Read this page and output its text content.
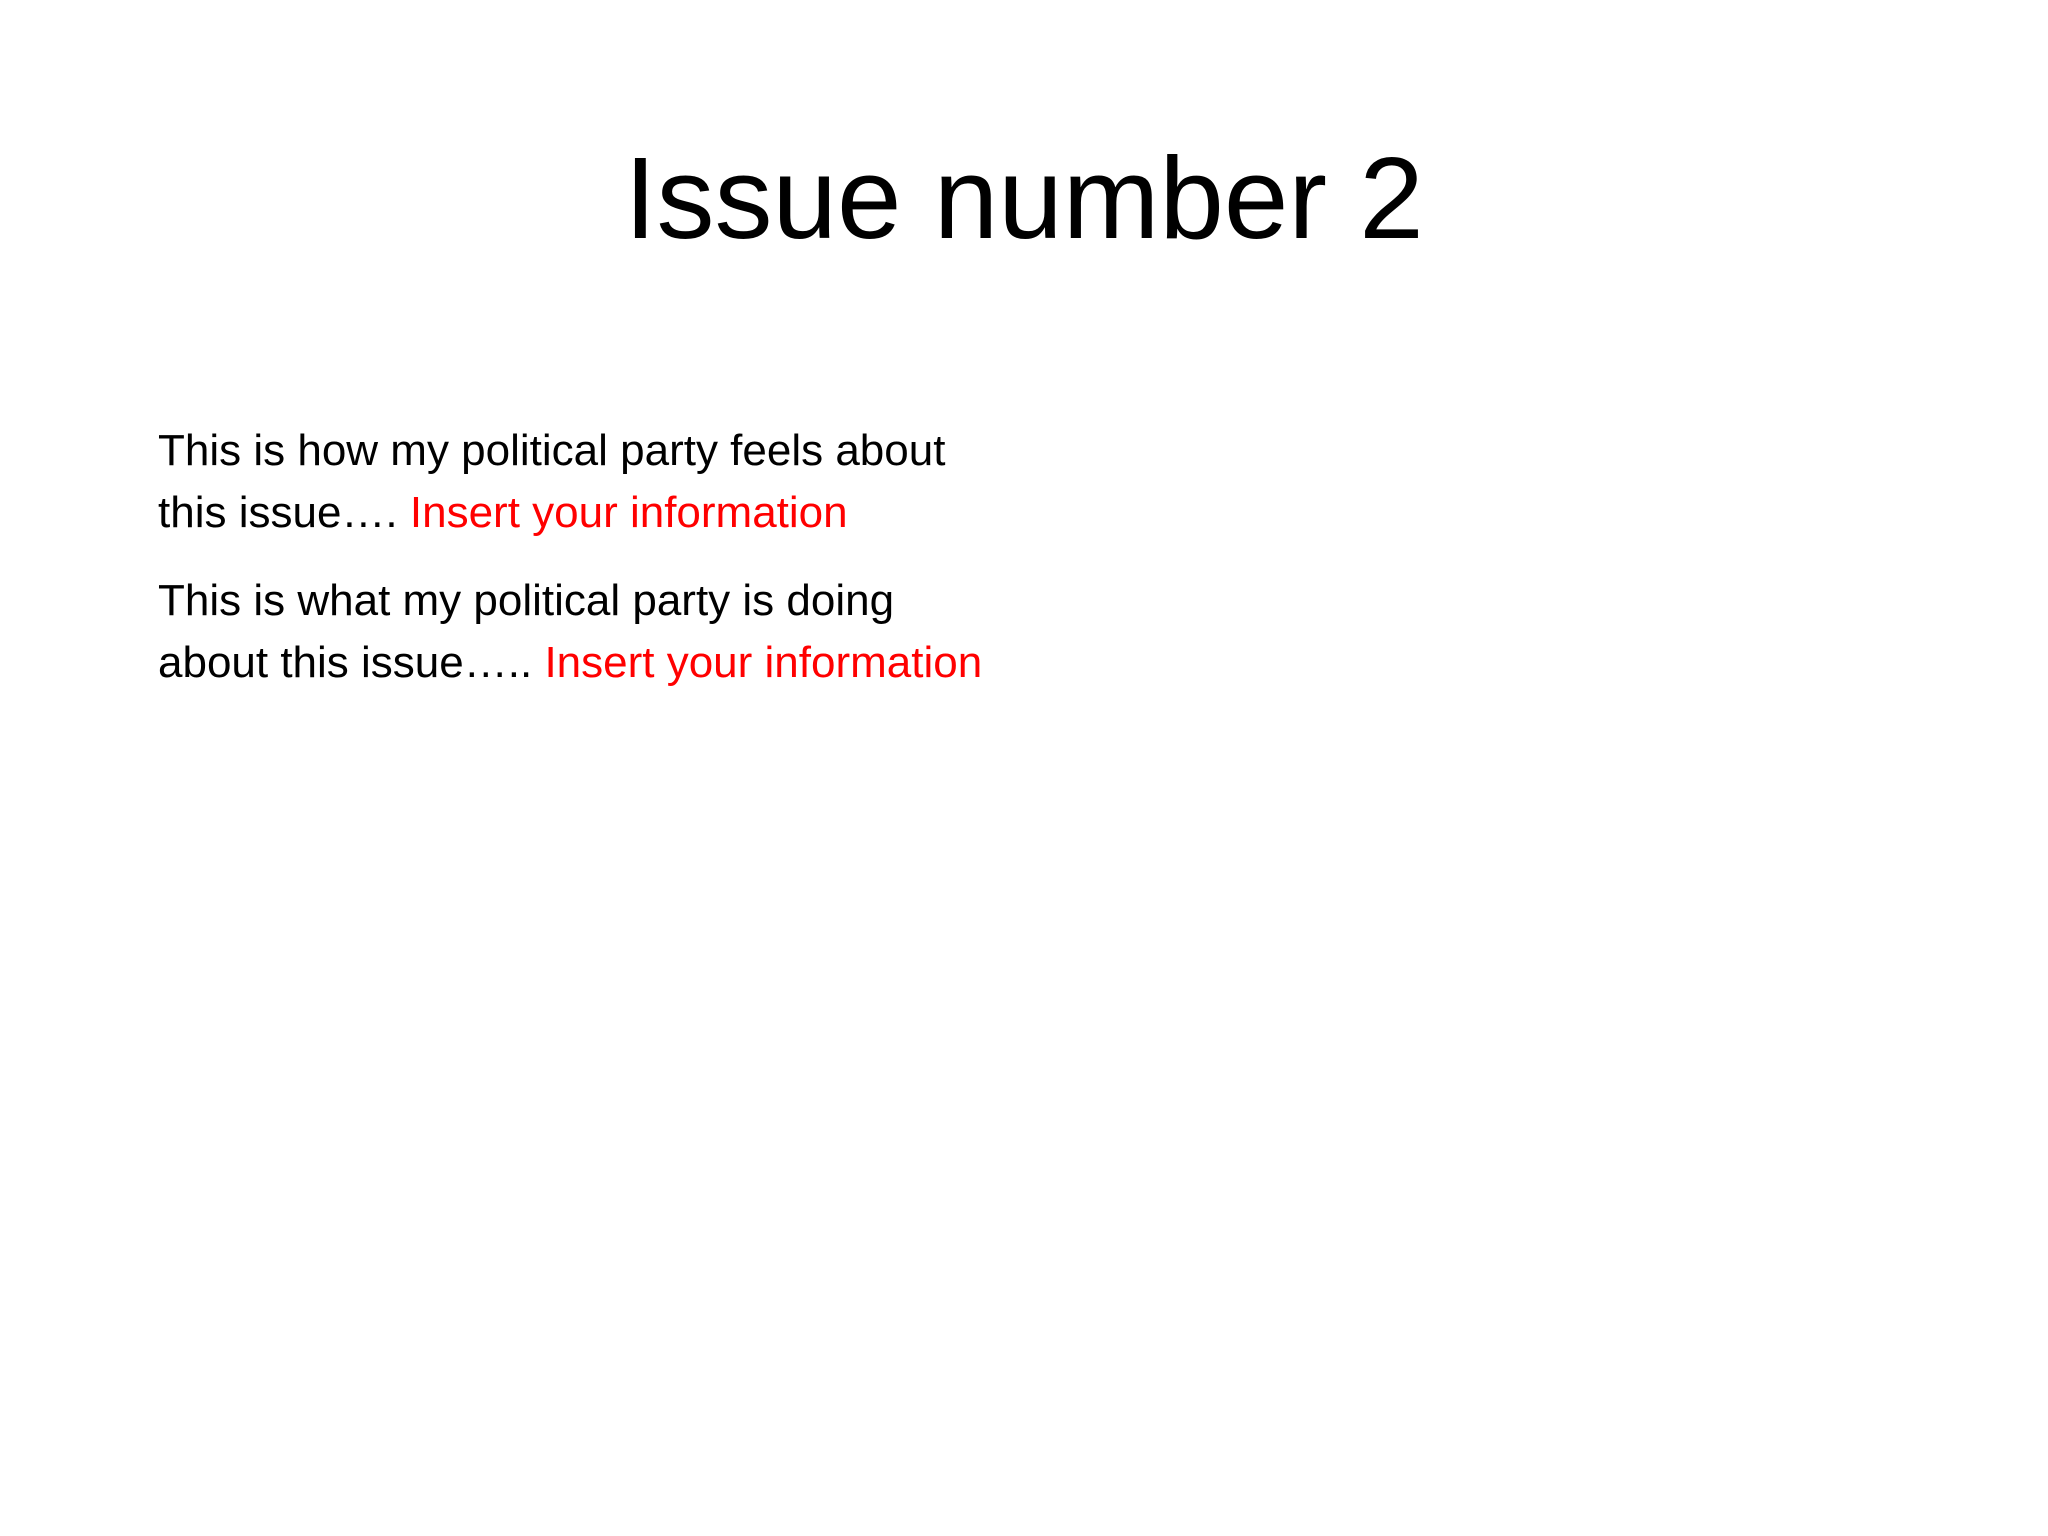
Issue number 2

This is how my political party feels about
this issue…. Insert your information

This is what my political party is doing
about this issue….. Insert your information
